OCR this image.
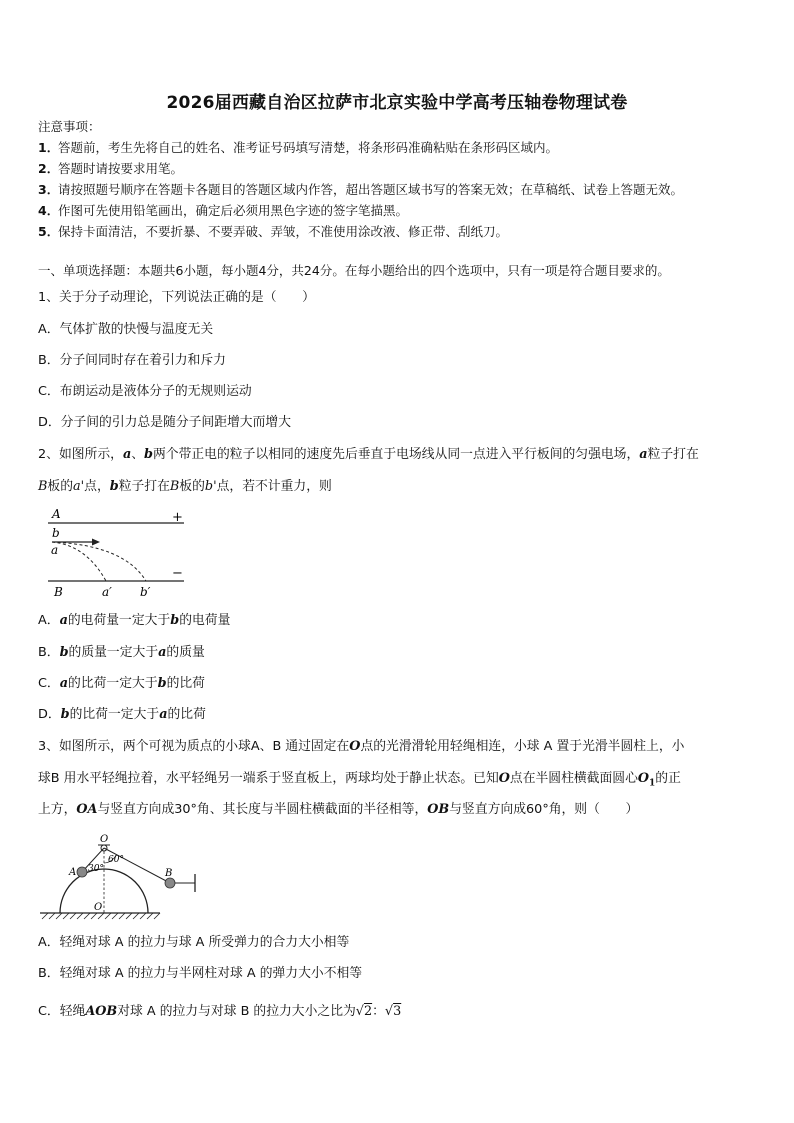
2026届西藏自治区拉萨市北京实验中学高考压轴卷物理试卷
注意事项：
1．答题前，考生先将自己的姓名、准考证号码填写清楚，将条形码准确粘贴在条形码区域内。
2．答题时请按要求用笔。
3．请按照题号顺序在答题卡各题目的答题区域内作答，超出答题区域书写的答案无效；在草稿纸、试卷上答题无效。
4．作图可先使用铅笔画出，确定后必须用黑色字迹的签字笔描黑。
5．保持卡面清洁，不要折暴、不要弄破、弄皱，不准使用涂改液、修正带、刮纸刀。
一、单项选择题：本题共6小题，每小题4分，共24分。在每小题给出的四个选项中，只有一项是符合题目要求的。
1、关于分子动理论，下列说法正确的是（　　）
A．气体扩散的快慢与温度无关
B．分子间同时存在着引力和斥力
C．布朗运动是液体分子的无规则运动
D．分子间的引力总是随分子间距增大而增大
2、如图所示，a、b两个带正电的粒子以相同的速度先后垂直于电场线从同一点进入平行板间的匀强电场，a粒子打在
B板的a'点，b粒子打在B板的b'点，若不计重力，则
A	+
b
a
−
B	a′ b′
A．a的电荷量一定大于b的电荷量
B．b的质量一定大于a的质量
C．a的比荷一定大于b的比荷
D．b的比荷一定大于a的比荷
3、如图所示，两个可视为质点的小球A、B 通过固定在O点的光滑滑轮用轻绳相连，小球 A 置于光滑半圆柱上，小
球B 用水平轻绳拉着，水平轻绳另一端系于竖直板上，两球均处于静止状态。已知O点在半圆柱横截面圆心$O_1$的正
上方，OA与竖直方向成30°角、其长度与半圆柱横截面的半径相等，OB与竖直方向成60°角，则（　　）
O
O
A 30°
60°
B
A．轻绳对球 A 的拉力与球 A 所受弹力的合力大小相等
B．轻绳对球 A 的拉力与半网柱对球 A 的弹力大小不相等
C．轻绳AOB对球 A 的拉力与对球 B 的拉力大小之比为√2：√3
